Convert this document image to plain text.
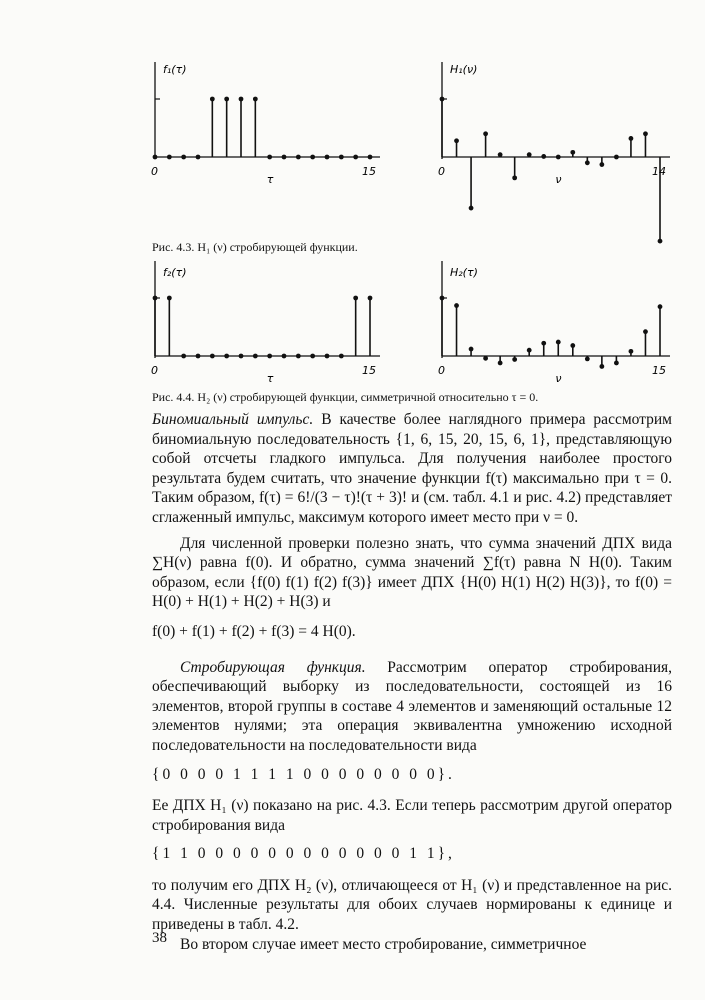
f₁(τ)
0	15
τ
H₁(ν)
0	14
ν
Рис. 4.3. H₁ (ν) стробирующей функции.
f₂(τ)
0	15
τ
H₂(τ)
0	15
ν
Рис. 4.4. H₂ (ν) стробирующей функции, симметричной относительно τ = 0.

Биномиальный импульс. В качестве более наглядного примера рассмотрим биномиальную последовательность {1, 6, 15, 20, 15, 6, 1}, представляющую собой отсчеты гладкого импульса. Для получения наиболее простого результата будем считать, что значение функции f(τ) максимально при τ = 0. Таким образом, f(τ) = 6!/(3 − τ)!(τ + 3)! и (см. табл. 4.1 и рис. 4.2) представляет сглаженный импульс, максимум которого имеет место при ν = 0.

Для численной проверки полезно знать, что сумма значений ДПХ вида ∑H(ν) равна f(0). И обратно, сумма значений ∑f(τ) равна N H(0). Таким образом, если {f(0) f(1) f(2) f(3)} имеет ДПХ {H(0) H(1) H(2) H(3)}, то f(0) = H(0) + H(1) + H(2) + H(3) и

f(0) + f(1) + f(2) + f(3) = 4 H(0).

Стробирующая функция. Рассмотрим оператор стробирования, обеспечивающий выборку из последовательности, состоящей из 16 элементов, второй группы в составе 4 элементов и заменяющий остальные 12 элементов нулями; эта операция эквивалентна умножению исходной последовательности на последовательности вида

{0 0 0 0 1 1 1 1 0 0 0 0 0 0 0 0}.

Ее ДПХ H₁ (ν) показано на рис. 4.3. Если теперь рассмотрим другой оператор стробирования вида

{1 1 0 0 0 0 0 0 0 0 0 0 0 0 1 1},

то получим его ДПХ H₂ (ν), отличающееся от H₁ (ν) и представленное на рис. 4.4. Численные результаты для обоих случаев нормированы к единице и приведены в табл. 4.2.

Во втором случае имеет место стробирование, симметричное

38
